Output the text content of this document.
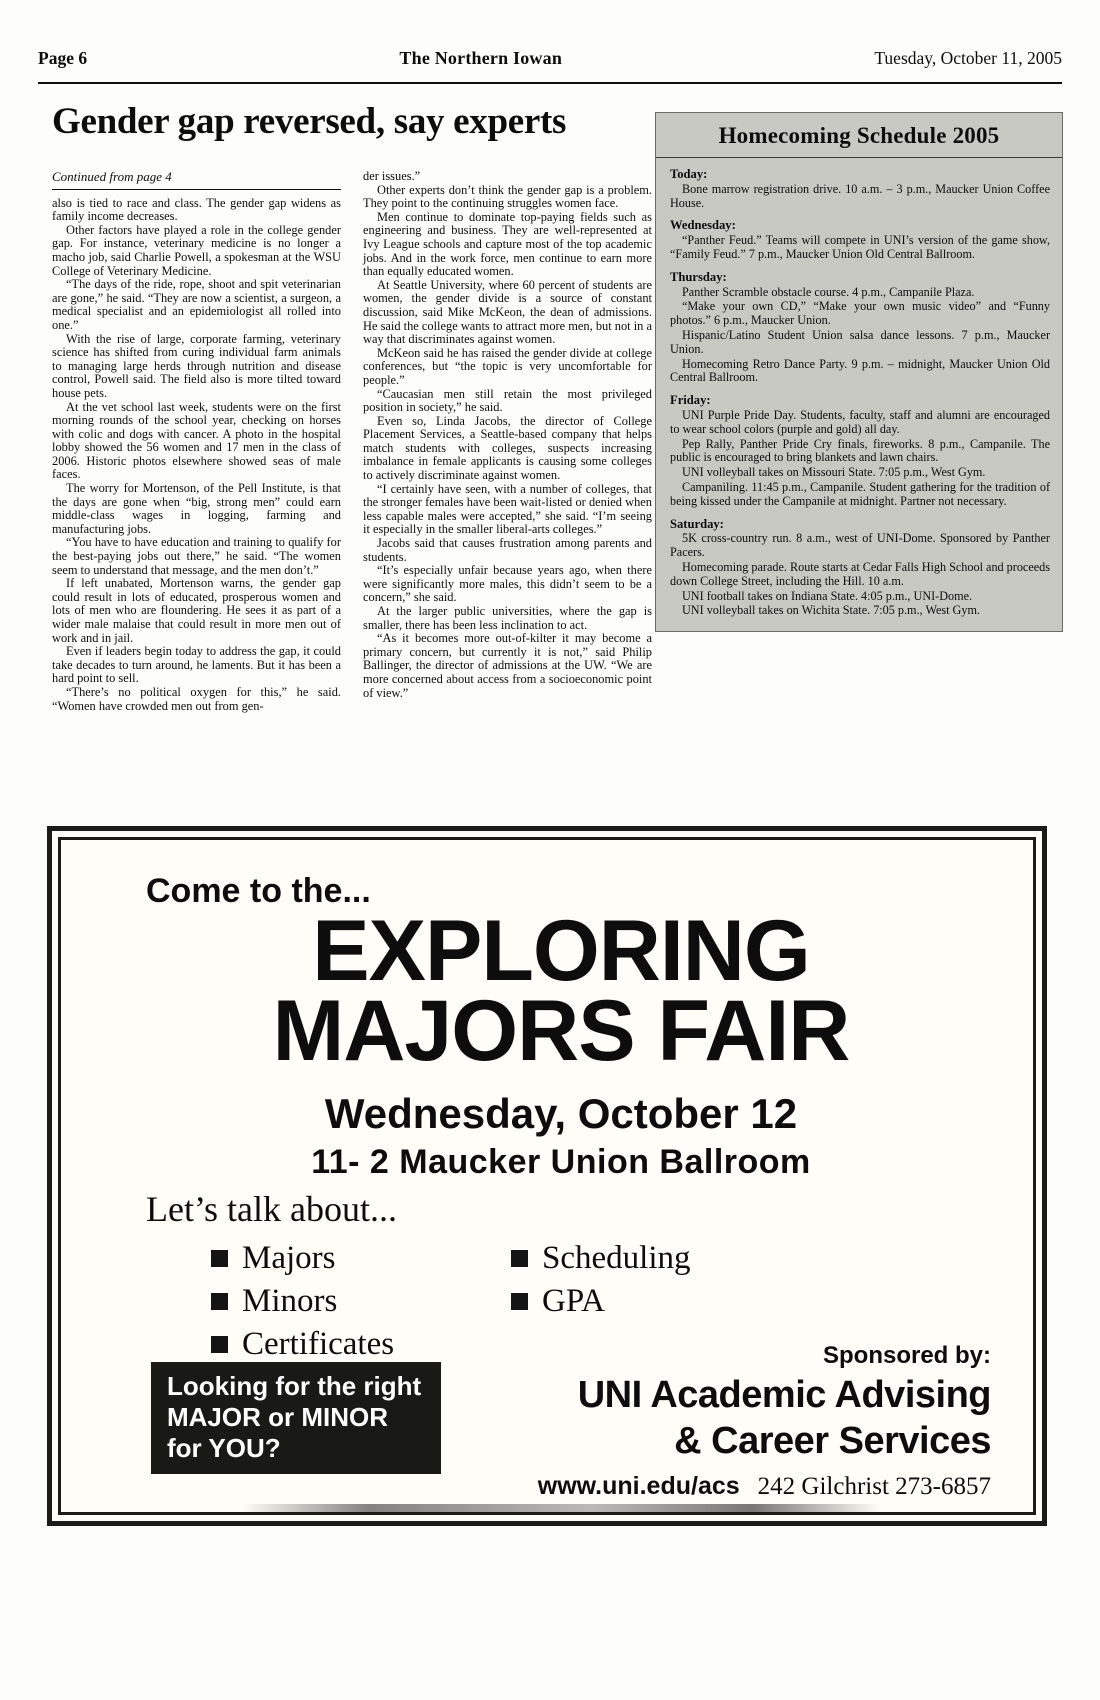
Page 6	The Northern Iowan	Tuesday, October 11, 2005
Gender gap reversed, say experts
Continued from page 4

also is tied to race and class. The gender gap widens as family income decreases.

Other factors have played a role in the college gender gap. For instance, veterinary medicine is no longer a macho job, said Charlie Powell, a spokesman at the WSU College of Veterinary Medicine.

“The days of the ride, rope, shoot and spit veterinarian are gone,” he said. “They are now a scientist, a surgeon, a medical specialist and an epidemiologist all rolled into one.”

With the rise of large, corporate farming, veterinary science has shifted from curing individual farm animals to managing large herds through nutrition and disease control, Powell said. The field also is more tilted toward house pets.

At the vet school last week, students were on the first morning rounds of the school year, checking on horses with colic and dogs with cancer. A photo in the hospital lobby showed the 56 women and 17 men in the class of 2006. Historic photos elsewhere showed seas of male faces.

The worry for Mortenson, of the Pell Institute, is that the days are gone when “big, strong men” could earn middle-class wages in logging, farming and manufacturing jobs.

“You have to have education and training to qualify for the best-paying jobs out there,” he said. “The women seem to understand that message, and the men don’t.”

If left unabated, Mortenson warns, the gender gap could result in lots of educated, prosperous women and lots of men who are floundering. He sees it as part of a wider male malaise that could result in more men out of work and in jail.

Even if leaders begin today to address the gap, it could take decades to turn around, he laments. But it has been a hard point to sell.

“There’s no political oxygen for this,” he said. “Women have crowded men out from gen-

der issues.”

Other experts don’t think the gender gap is a problem. They point to the continuing struggles women face.

Men continue to dominate top-paying fields such as engineering and business. They are well-represented at Ivy League schools and capture most of the top academic jobs. And in the work force, men continue to earn more than equally educated women.

At Seattle University, where 60 percent of students are women, the gender divide is a source of constant discussion, said Mike McKeon, the dean of admissions. He said the college wants to attract more men, but not in a way that discriminates against women.

McKeon said he has raised the gender divide at college conferences, but “the topic is very uncomfortable for people.”

“Caucasian men still retain the most privileged position in society,” he said.

Even so, Linda Jacobs, the director of College Placement Services, a Seattle-based company that helps match students with colleges, suspects increasing imbalance in female applicants is causing some colleges to actively discriminate against women.

“I certainly have seen, with a number of colleges, that the stronger females have been wait-listed or denied when less capable males were accepted,” she said. “I’m seeing it especially in the smaller liberal-arts colleges.”

Jacobs said that causes frustration among parents and students.

“It’s especially unfair because years ago, when there were significantly more males, this didn’t seem to be a concern,” she said.

At the larger public universities, where the gap is smaller, there has been less inclination to act.

“As it becomes more out-of-kilter it may become a primary concern, but currently it is not,” said Philip Ballinger, the director of admissions at the UW. “We are more concerned about access from a socioeconomic point of view.”

Homecoming Schedule 2005
Today:

Bone marrow registration drive. 10 a.m. – 3 p.m., Maucker Union Coffee House.

Wednesday:

“Panther Feud.” Teams will compete in UNI’s version of the game show, “Family Feud.” 7 p.m., Maucker Union Old Central Ballroom.

Thursday:

Panther Scramble obstacle course. 4 p.m., Campanile Plaza.

“Make your own CD,” “Make your own music video” and “Funny photos.” 6 p.m., Maucker Union.

Hispanic/Latino Student Union salsa dance lessons. 7 p.m., Maucker Union.

Homecoming Retro Dance Party. 9 p.m. – midnight, Maucker Union Old Central Ballroom.

Friday:

UNI Purple Pride Day. Students, faculty, staff and alumni are encouraged to wear school colors (purple and gold) all day.

Pep Rally, Panther Pride Cry finals, fireworks. 8 p.m., Campanile. The public is encouraged to bring blankets and lawn chairs.

UNI volleyball takes on Missouri State. 7:05 p.m., West Gym.

Campaniling. 11:45 p.m., Campanile. Student gathering for the tradition of being kissed under the Campanile at midnight. Partner not necessary.

Saturday:

5K cross-country run. 8 a.m., west of UNI-Dome. Sponsored by Panther Pacers.

Homecoming parade. Route starts at Cedar Falls High School and proceeds down College Street, including the Hill. 10 a.m.

UNI football takes on Indiana State. 4:05 p.m., UNI-Dome.

UNI volleyball takes on Wichita State. 7:05 p.m., West Gym.

Come to the...
EXPLORING
MAJORS FAIR
Wednesday, October 12
11- 2 Maucker Union Ballroom
Let’s talk about...
Majors	Scheduling
Minors	GPA
Certificates
Looking for the right
MAJOR or MINOR
for YOU?
Sponsored by:
UNI Academic Advising
& Career Services
www.uni.edu/acs 242 Gilchrist 273-6857
